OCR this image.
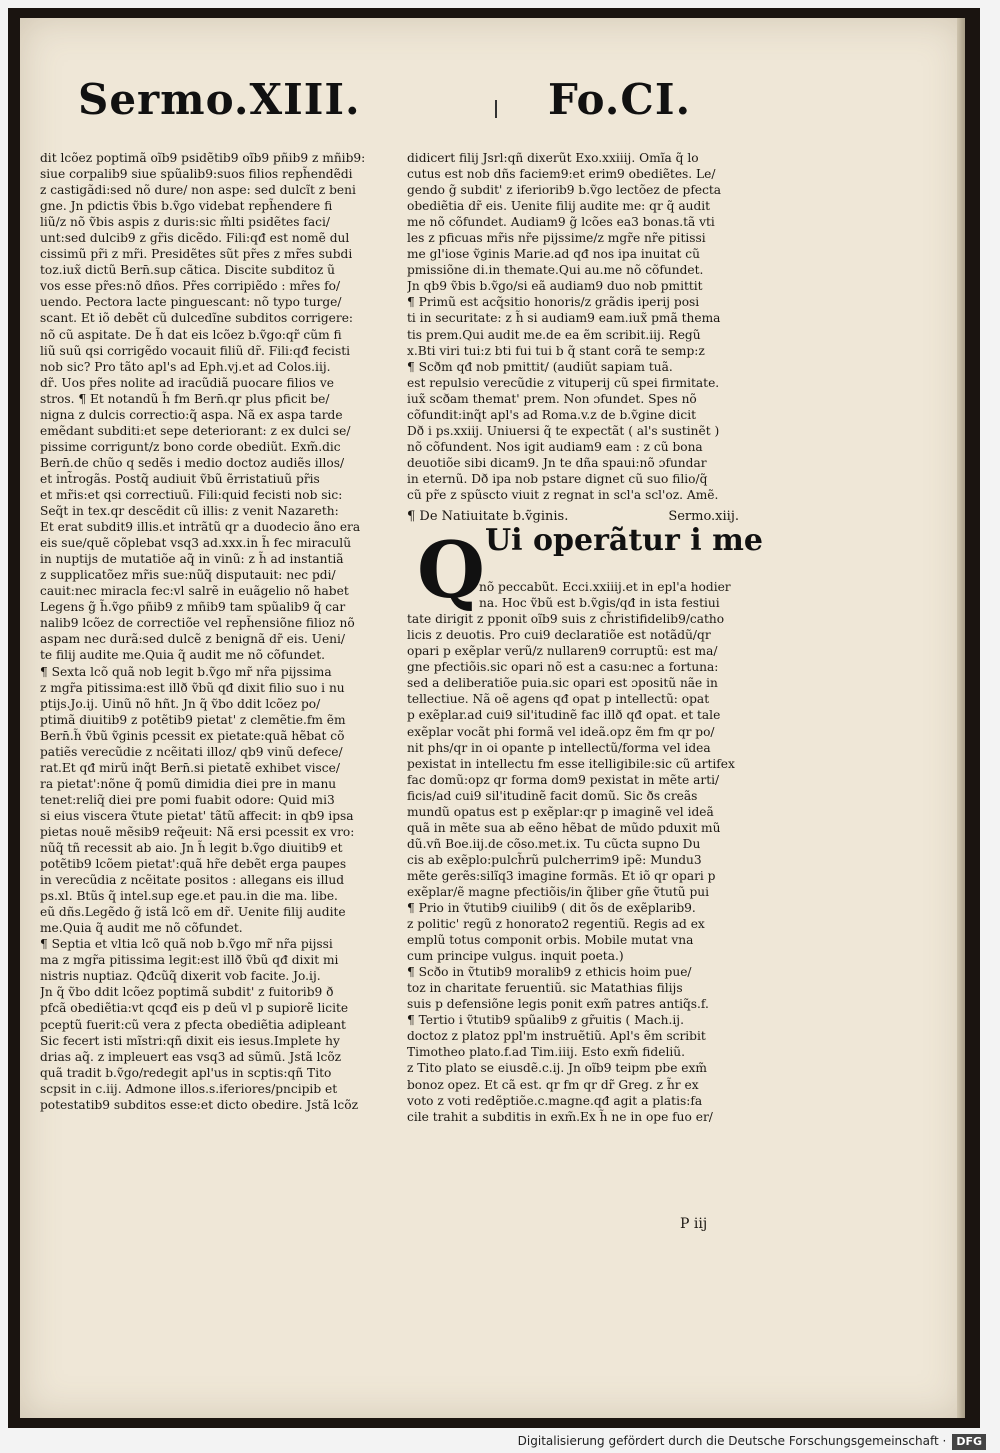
Sermo.XIII.	Fo.CI.
dit lcõez poptimã oĩb9 psidẽtib9 oĩb9 pñib9 z mñib9:
siue corpalib9 siue spũalib9:suos filios reph̃endẽdi
z castigãdi:sed nõ dure/ non aspe: sed dulcĩt z beni
gne. Jn pdictis ṽbis b.ṽgo videbat reph̃endere fi
liũ/z nõ ṽbis aspis z duris:sic m̃lti psidẽtes faci/
unt:sed dulcib9 z gr̃is dicẽdo. Fili:qđ est nomẽ dul
cissimũ pr̃i z mr̃i. Presidẽtes sũt pr̃es z mr̃es subdi
toz.iux̃ dictũ Bern̄.sup cãtica. Discite subditoz ũ
vos esse pr̃es:nõ dños. Pr̃es corripiẽdo : mr̃es fo/
uendo. Pectora lacte pinguescant: nõ typo turge/
scant. Et iõ debẽt cũ dulcedĩne subditos corrigere:
nõ cũ aspitate. De h̃ dat eis lcõez b.ṽgo:qr̃ cũm fi
liũ suũ qsi corrigẽdo vocauit filiũ dr̃. Fili:qđ fecisti
nob sic? Pro tãto apl's ad Eph.vj.et ad Colos.iij.
dr̃. Uos pr̃es nolite ad iracũdiã puocare filios ve
stros. ¶ Et notandũ h̃ fm Bern̄.qr plus pficit be/
nigna z dulcis correctio:q̃ aspa. Nã ex aspa tarde
emẽdant subditi:et sepe deteriorant: z ex dulci se/
pissime corrigunt/z bono corde obediũt. Exm̃.dic
Bern̄.de chũo q sedẽs i medio doctoz audiẽs illos/
et int̃rogãs. Postq̃ audiuit ṽbũ ẽrristatiuũ pr̃is
et mr̃is:et qsi correctiuũ. Fili:quid fecisti nob sic:
Seq̃t in tex.qr descẽdit cũ illis: z venit Nazareth:
Et erat subdit9 illis.et intrãtũ qr a duodecio ãno era
eis sue/quẽ cõplebat vsq3 ad.xxx.in h̃ fec miraculũ
in nuptijs de mutatiõe aq̃ in vinũ: z h̃ ad instantiã
z supplicatõez mr̃is sue:nũq̃ disputauit: nec pdi/
cauit:nec miracla fec:vl salrẽ in euãgelio nõ habet
Legens g̃ h̃.ṽgo pñib9 z mñib9 tam spũalib9 q̃ car
nalib9 lcõez de correctiõe vel reph̃ensiõne filioz nõ
aspam nec durã:sed dulcẽ z benignã dr̃ eis. Ueni/
te filij audite me.Quia q̃ audit me nõ cõfundet.
¶ Sexta lcõ quã nob legit b.ṽgo mr̃ nr̃a pijssima
z mgr̃a pitissima:est illð ṽbũ qđ dixit filio suo i nu
ptijs.Jo.ij. Uinũ nõ hñt. Jn q̃ ṽbo ddit lcõez po/
ptimã diuitib9 z potẽtib9 pietat' z clemẽtie.fm ẽm
Bern̄.h̃ ṽbũ ṽginis pcessit ex pietate:quã hẽbat cõ
patiẽs verecũdie z ncẽitati illoz/ qb9 vinũ defece/
rat.Et qđ mirũ inq̃t Bern̄.si pietatẽ exhibet visce/
ra pietat':nõne q̃ pomũ dimidia diei pre in manu
tenet:reliq̃ diei pre pomi fuabit odore: Quid mi3
si eius viscera ṽtute pietat' tãtũ affecit: in qb9 ipsa
pietas nouẽ mẽsib9 req̃euit: Nã ersi pcessit ex vro:
nũq̃ tñ recessit ab aio. Jn h̃ legit b.ṽgo diuitib9 et
potẽtib9 lcõem pietat':quã hr̃e debẽt erga paupes
in verecũdia z ncẽitate positos : allegans eis illud
ps.xl. Btũs q̃ intel.sup ege.et pau.in die ma. libe.
eũ dñs.Legẽdo g̃ istã lcõ em dr̃. Uenite filij audite
me.Quia q̃ audit me nõ cõfundet.
¶ Septia et vltia lcõ quã nob b.ṽgo mr̃ nr̃a pijssi
ma z mgr̃a pitissima legit:est illð ṽbũ qđ dixit mi
nistris nuptiaz. Qđcũq̃ dixerit vob facite. Jo.ij.
Jn q̃ ṽbo ddit lcõez poptimã subdit' z fuitorib9 ð
pfcã obediẽtia:vt qcqđ eis p deũ vl p supiorẽ licite
pceptũ fuerit:cũ vera z pfecta obediẽtia adipleant
Sic fecert isti mĩstri:qñ dixit eis iesus.Implete hy
drias aq̃. z impleuert eas vsq3 ad sũmũ. Jstã lcõz
quã tradit b.ṽgo/redegit apl'us in scptis:qñ Tito
scpsit in c.iij. Admone illos.s.iferiores/pncipib et
potestatib9 subditos esse:et dicto obedire. Jstã lcõz
didicert filij Jsrl:qñ dixerũt Exo.xxiiij. Omĩa q̃ lo
cutus est nob dñs faciem9:et erim9 obediẽtes. Le/
gendo g̃ subdit' z iferiorib9 b.ṽgo lectõez de pfecta
obediẽtia dr̃ eis. Uenite filij audite me: qr q̃ audit
me nõ cõfundet. Audiam9 g̃ lcões ea3 bonas.tã vti
les z pficuas mr̃is nr̃e pijssime/z mgr̃e nr̃e pitissi
me gl'iose ṽginis Marie.ad qđ nos ipa inuitat cũ
pmissiõne di.in themate.Qui au.me nõ cõfundet.
Jn qb9 ṽbis b.ṽgo/si eã audiam9 duo nob pmittit
¶ Primũ est acq̃sitio honoris/z grãdis iperij posi
ti in securitate: z h̃ si audiam9 eam.iux̃ pmã thema
tis prem.Qui audit me.de ea ẽm scribit.iij. Regũ
x.Bti viri tui:z bti fui tui b q̃ stant corã te semp:z
¶ Scðm qđ nob pmittit/ (audiũt sapiam tuã.
est repulsio verecũdie z vituperij cũ spei firmitate.
iux̃ scðam themat' prem. Non ɔfundet. Spes nõ
cõfundit:inq̃t apl's ad Roma.v.z de b.ṽgine dicit
Dð i ps.xxiij. Uniuersi q̃ te expectãt ( al's sustinẽt )
nõ cõfundent. Nos igit audiam9 eam : z cũ bona
deuotiõe sibi dicam9. Jn te dña spaui:nõ ɔfundar
in eternũ. Dð ipa nob pstare dignet cũ suo filio/q̃
cũ pr̃e z spũscto viuit z regnat in scl'a scl'oz. Amẽ.
¶ De Natiuitate b.ṽginis.	Sermo.xiij.
Q Ui operãtur i me
nõ peccabũt. Ecci.xxiiij.et in epl'a hodier
na. Hoc ṽbũ est b.ṽgis/qđ in ista festiui
tate dirigit z pponit oĩb9 suis z ch̃ristifidelib9/catho
licis z deuotis. Pro cui9 declaratiõe est notãdũ/qr
opari p exẽplar verũ/z nullaren9 corruptũ: est ma/
gne pfectiõis.sic opari nõ est a casu:nec a fortuna:
sed a deliberatiõe puia.sic opari est ɔpositũ nãe in
tellectiue. Nã oẽ agens qđ opat p intellectũ: opat
p exẽplar.ad cui9 sil'itudinẽ fac illð qđ opat. et tale
exẽplar vocãt phi formã vel ideã.opz ẽm fm qr po/
nit phs/qr in oi opante p intellectũ/forma vel idea
pexistat in intellectu fm esse itelligibile:sic cũ artifex
fac domũ:opz qr forma dom9 pexistat in mẽte arti/
ficis/ad cui9 sil'itudinẽ facit domũ. Sic ðs creãs
mundũ opatus est p exẽplar:qr p imaginẽ vel ideã
quã in mẽte sua ab eẽno hẽbat de mũdo pduxit mũ
dũ.vñ Boe.iij.de cõso.met.ix. Tu cũcta supno Du
cis ab exẽplo:pulch̃rũ pulcherrim9 ipẽ: Mundu3
mẽte gerẽs:silĩq3 imagine formãs. Et iõ qr opari p
exẽplar/ẽ magne pfectiõis/in q̃liber gñe ṽtutũ pui
¶ Prio in ṽtutib9 ciuilib9 ( dit õs de exẽplarib9.
z politic' regũ z honorato2 regentiũ. Regis ad ex
emplũ totus componit orbis. Mobile mutat vna
cum principe vulgus. inquit poeta.)
¶ Scðo in ṽtutib9 moralib9 z ethicis hoim pue/
toz in charitate feruentiũ. sic Matathias filijs
suis p defensiõne legis ponit exm̃ patres antiq̃s.f.
¶ Tertio i ṽtutib9 spũalib9 z gr̃uitis ( Mach.ij.
doctoz z platoz ppl'm instruẽtiũ. Apl's ẽm scribit
Timotheo plato.f.ad Tim.iiij. Esto exm̃ fideliũ.
z Tito plato se eiusdẽ.c.ij. Jn oĩb9 teipm pbe exm̃
bonoz opez. Et cã est. qr fm qr dr̃ Greg. z h̃r ex
voto z voti redẽptiõe.c.magne.qđ agit a platis:fa
cile trahit a subditis in exm̃.Ex h̃ ne in ope fuo er/
P iij
Digitalisierung gefördert durch die Deutsche Forschungsgemeinschaft · DFG
